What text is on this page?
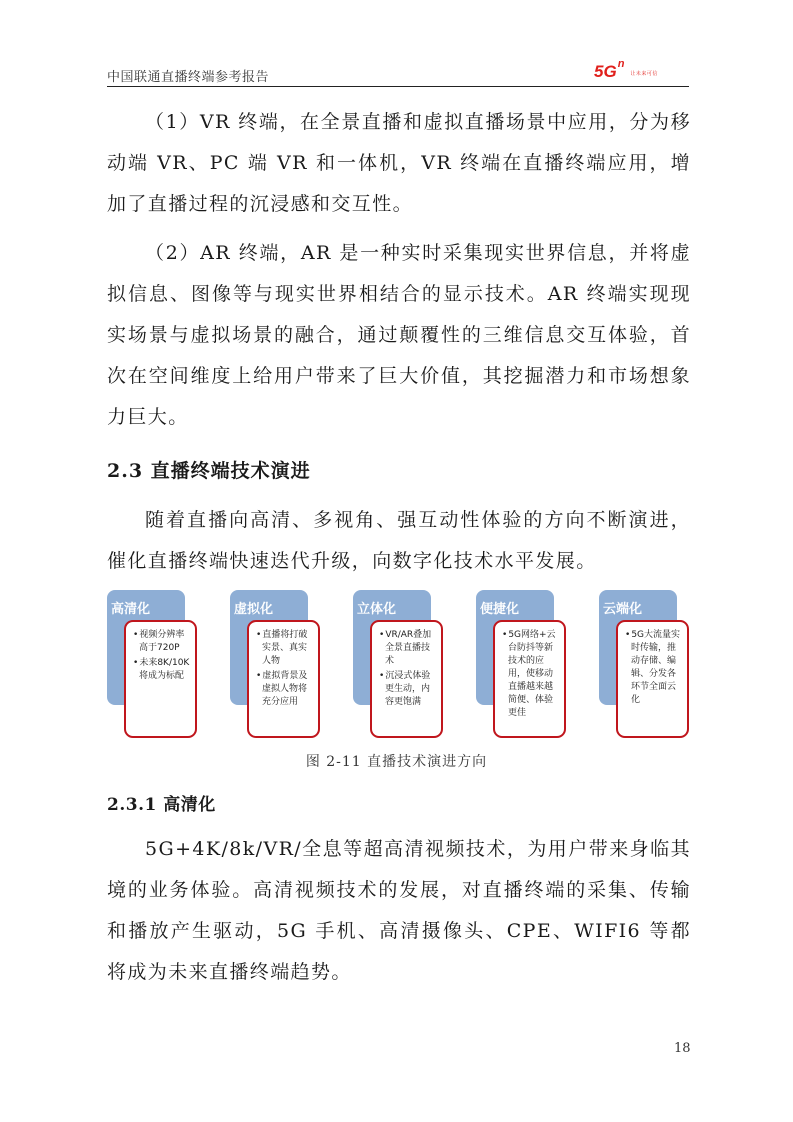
中国联通直播终端参考报告	5G n
让未来可信

（1）VR 终端，在全景直播和虚拟直播场景中应用，分为移动端 VR、PC 端 VR 和一体机，VR 终端在直播终端应用，增加了直播过程的沉浸感和交互性。

（2）AR 终端，AR 是一种实时采集现实世界信息，并将虚拟信息、图像等与现实世界相结合的显示技术。AR 终端实现现实场景与虚拟场景的融合，通过颠覆性的三维信息交互体验，首次在空间维度上给用户带来了巨大价值，其挖掘潜力和市场想象力巨大。

2.3 直播终端技术演进

随着直播向高清、多视角、强互动性体验的方向不断演进，催化直播终端快速迭代升级，向数字化技术水平发展。

高清化
• 视频分辨率高于720P
• 未来8K/10K将成为标配
虚拟化
• 直播将打破实景、真实人物
• 虚拟背景及虚拟人物将充分应用
立体化
• VR/AR叠加全景直播技术
• 沉浸式体验更生动，内容更饱满
便捷化
• 5G网络+云台防抖等新技术的应用，使移动直播越来越简便、体验更佳
云端化
• 5G大流量实时传输，推动存储、编辑、分发各环节全面云化
图 2-11 直播技术演进方向
2.3.1 高清化

5G+4K/8k/VR/全息等超高清视频技术，为用户带来身临其境的业务体验。高清视频技术的发展，对直播终端的采集、传输和播放产生驱动，5G 手机、高清摄像头、CPE、WIFI6 等都将成为未来直播终端趋势。

18
